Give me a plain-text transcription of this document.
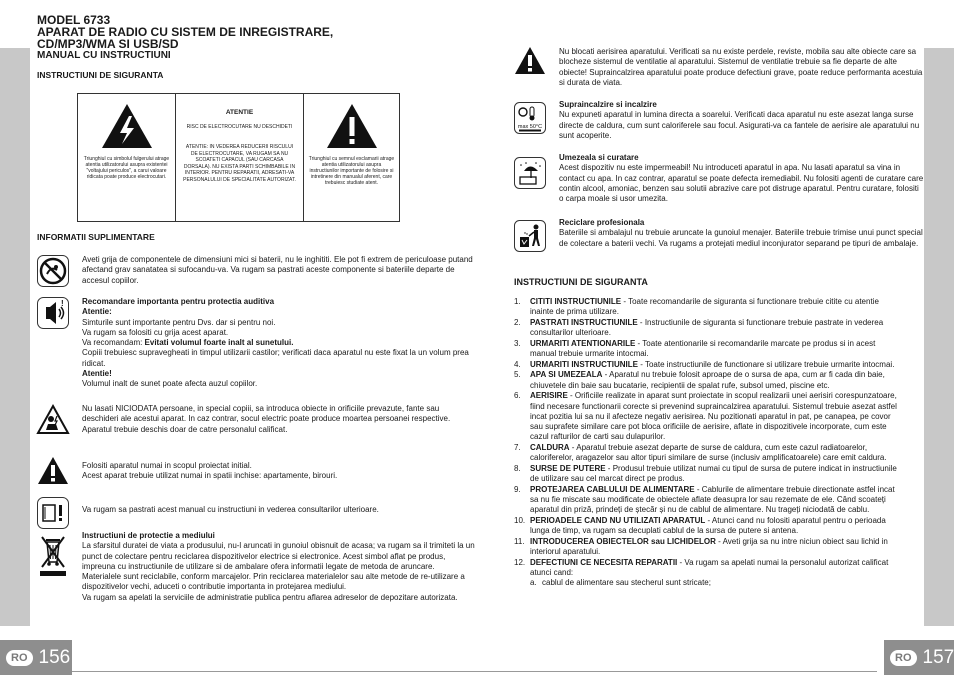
RO 156.	RO 157.
MODEL 6733
APARAT DE RADIO CU SISTEM DE INREGISTRARE,
CD/MP3/WMA SI USB/SD
MANUAL CU INSTRUCTIUNI
INSTRUCTIUNI DE SIGURANTA
Triunghiul cu simbolul fulgerului atrage atentia utilizatorului asupra existentei "voltajului periculos", a carui valoare ridicata poate produce electrocutari.
ATENTIE
RISC DE ELECTROCUTARE NU DESCHIDETI
ATENTIE: IN VEDEREA REDUCERII RISCULUI DE ELECTROCUTARE, VA RUGAM SA NU SCOATETI CAPACUL (SAU CARCASA DORSALA). NU EXISTA PARTI SCHIMBABILE IN INTERIOR. PENTRU REPARATII, ADRESATI-VA PERSONALULUI DE SPECIALITATE AUTORIZAT.
Triunghiul cu semnul exclamarii atrage atentia utilizatorului asupra instructiunilor importante de folosire si intretinere din manualul aferent, care trebuiesc studiate atent.
INFORMATII SUPLIMENTARE
Aveti grija de componentele de dimensiuni mici si baterii, nu le inghititi. Ele pot fi extrem de periculoase putand afectand grav sanatatea si sufocandu-va. Va rugam sa pastrati aceste componente si bateriile departe de accesul copiilor.
! Recomandare importanta pentru protectia auditiva
Atentie:
Simturile sunt importante pentru Dvs. dar si pentru noi.
Va rugam sa folositi cu grija acest aparat.
Va recomandam: Evitati volumul foarte inalt al sunetului.
Copiii trebuiesc supravegheati in timpul utilizarii castilor; verificati daca aparatul nu este fixat la un volum prea ridicat.
Atentie!
Volumul inalt de sunet poate afecta auzul copiilor.
Nu lasati NICIODATA persoane, in special copiii, sa introduca obiecte in orificiile prevazute, fante sau deschideri ale acestui aparat. In caz contrar, socul electric poate produce moartea persoanei respective. Aparatul trebuie deschis doar de catre personalul calificat.
Folositi aparatul numai in scopul proiectat initial.
Acest aparat trebuie utilizat numai in spatii inchise: apartamente, birouri.
Va rugam sa pastrati acest manual cu instructiuni in vederea consultarilor ulterioare.
Instructiuni de protectie a mediului
La sfarsitul duratei de viata a produsului, nu-l aruncati in gunoiul obisnuit de acasa; va rugam sa il trimiteti la un punct de colectare pentru reciclarea dispozitivelor electrice si electronice. Acest simbol aflat pe produs, impreuna cu instructiunile de utilizare si de ambalare ofera informatii legate de metoda de aruncare.
Materialele sunt reciclabile, conform marcajelor. Prin reciclarea materialelor sau alte metode de re-utilizare a dispozitivelor vechi, aduceti o contributie importanta in protejarea mediului.
Va rugam sa apelati la serviciile de administratie publica pentru aflarea adreselor de depozitare autorizata.
Nu blocati aerisirea aparatului. Verificati sa nu existe perdele, reviste, mobila sau alte obiecte care sa blocheze sistemul de ventilatie al aparatului. Sistemul de ventilatie trebuie sa fie departe de alte obiecte! Supraincalzirea aparatului poate produce defectiuni grave, poate reduce performanta acestuia si durata de viata.
max 50°C
Supraincalzire si incalzire
Nu expuneti aparatul in lumina directa a soarelui. Verificati daca aparatul nu este asezat langa surse directe de caldura, cum sunt caloriferele sau focul. Asigurati-va ca fantele de aerisire ale aparatului nu sunt acoperite.
Umezeala si curatare
Acest dispozitiv nu este impermeabil! Nu introduceti aparatul in apa. Nu lasati aparatul sa vina in contact cu apa. In caz contrar, aparatul se poate defecta iremediabil. Nu folositi agenti de curatare care contin alcool, amoniac, benzen sau solutii abrazive care pot distruge aparatul. Pentru curatare, folositi o carpa moale si usor umezita.
Reciclare profesionala
Bateriile si ambalajul nu trebuie aruncate la gunoiul menajer. Bateriile trebuie trimise unui punct special de colectare a baterii vechi. Va rugams a protejati mediul inconjurator separand pe tipuri de ambalaje.
INSTRUCTIUNI DE SIGURANTA
1. CITITI INSTRUCTIUNILE - Toate recomandarile de siguranta si functionare trebuie citite cu atentie inainte de prima utilizare.
2. PASTRATI INSTRUCTIUNILE - Instructiunile de siguranta si functionare trebuie pastrate in vederea consultarilor ulterioare.
3. URMARITI ATENTIONARILE - Toate atentionarile si recomandarile marcate pe produs si in acest manual trebuie urmarite intocmai.
4. URMARITI INSTRUCTIUNILE - Toate instructiunile de functionare si utilizare trebuie urmarite intocmai.
5. APA SI UMEZEALA - Aparatul nu trebuie folosit aproape de o sursa de apa, cum ar fi cada din baie, chiuvetele din baie sau bucatarie, recipientii de spalat rufe, subsol umed, piscine etc.
6. AERISIRE - Orificiile realizate in aparat sunt proiectate in scopul realizarii unei aerisiri corespunzatoare, fiind necesare functionarii corecte si prevenind supraincalzirea aparatului. Sistemul trebuie asezat astfel incat pozitia lui sa nu il afecteze negativ aerisirea. Nu pozitionati aparatul in pat, pe canapea, pe covor sau suprafete similare care pot bloca orificiile de aerisire, aflate in dispozitivele incorporate, cum este cazul rafturilor de carti sau dulapurilor.
7. CALDURA - Aparatul trebuie asezat departe de surse de caldura, cum este cazul radiatoarelor, caloriferelor, aragazelor sau altor tipuri similare de surse (inclusiv amplificatoarele) care emit caldura.
8. SURSE DE PUTERE - Produsul trebuie utilizat numai cu tipul de sursa de putere indicat in instructiunile de utilizare sau cel marcat direct pe produs.
9. PROTEJAREA CABLULUI DE ALIMENTARE - Cablurile de alimentare trebuie directionate astfel incat sa nu fie miscate sau modificate de obiectele aflate deasupra lor sau rezemate de ele. Când scoateți aparatul din priză, prindeți de ștecăr și nu de cablul de alimentare. Nu trageți niciodată de cablu.
10. PERIOADELE CAND NU UTILIZATI APARATUL - Atunci cand nu folositi aparatul pentru o perioada lunga de timp, va rugam sa decuplati cablul de la sursa de putere si antena.
11. INTRODUCEREA OBIECTELOR sau LICHIDELOR - Aveti grija sa nu intre niciun obiect sau lichid in interiorul aparatului.
12. DEFECTIUNI CE NECESITA REPARATII - Va rugam sa apelati numai la personalul autorizat calificat atunci cand:
a. cablul de alimentare sau stecherul sunt stricate;
